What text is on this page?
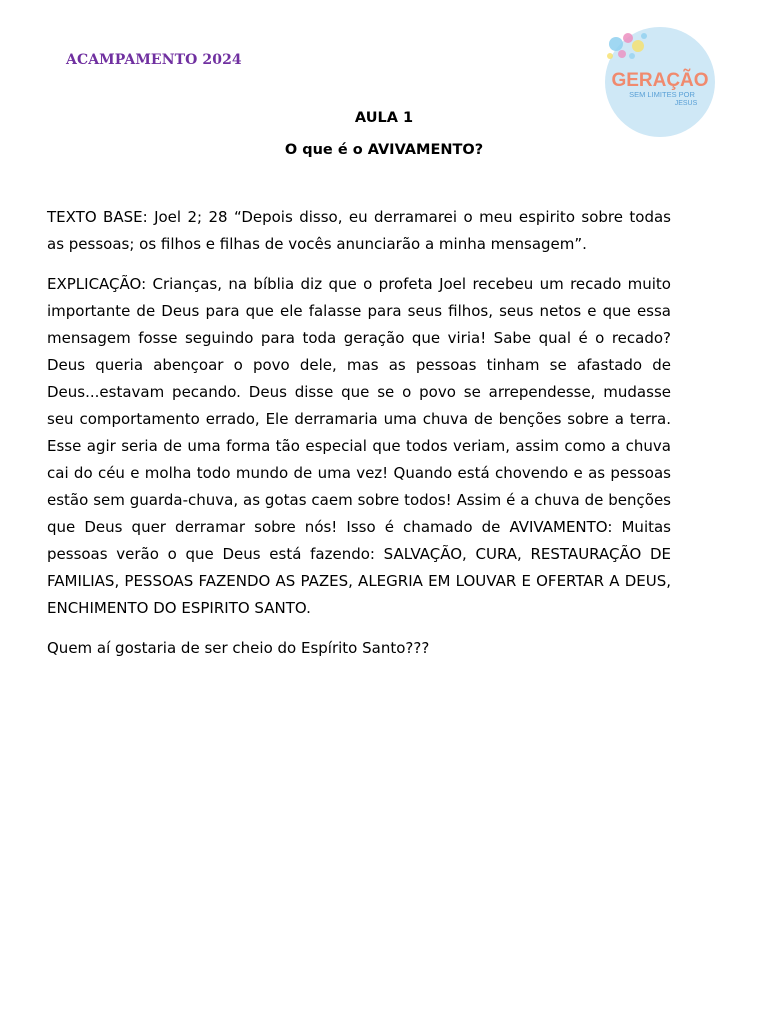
ACAMPAMENTO 2024
GERAÇÃO
SEM LIMITES POR
JESUS
AULA 1
O que é o AVIVAMENTO?

TEXTO BASE: Joel 2; 28 “Depois disso, eu derramarei o meu espirito sobre todas as pessoas; os filhos e filhas de vocês anunciarão a minha mensagem”.

EXPLICAÇÃO: Crianças, na bíblia diz que o profeta Joel recebeu um recado muito importante de Deus para que ele falasse para seus filhos, seus netos e que essa mensagem fosse seguindo para toda geração que viria! Sabe qual é o recado? Deus queria abençoar o povo dele, mas as pessoas tinham se afastado de Deus...estavam pecando. Deus disse que se o povo se arrependesse, mudasse seu comportamento errado, Ele derramaria uma chuva de benções sobre a terra. Esse agir seria de uma forma tão especial que todos veriam, assim como a chuva cai do céu e molha todo mundo de uma vez! Quando está chovendo e as pessoas estão sem guarda-chuva, as gotas caem sobre todos! Assim é a chuva de benções que Deus quer derramar sobre nós! Isso é chamado de AVIVAMENTO: Muitas pessoas verão o que Deus está fazendo: SALVAÇÃO, CURA, RESTAURAÇÃO DE FAMILIAS, PESSOAS FAZENDO AS PAZES, ALEGRIA EM LOUVAR E OFERTAR A DEUS, ENCHIMENTO DO ESPIRITO SANTO.

Quem aí gostaria de ser cheio do Espírito Santo???
